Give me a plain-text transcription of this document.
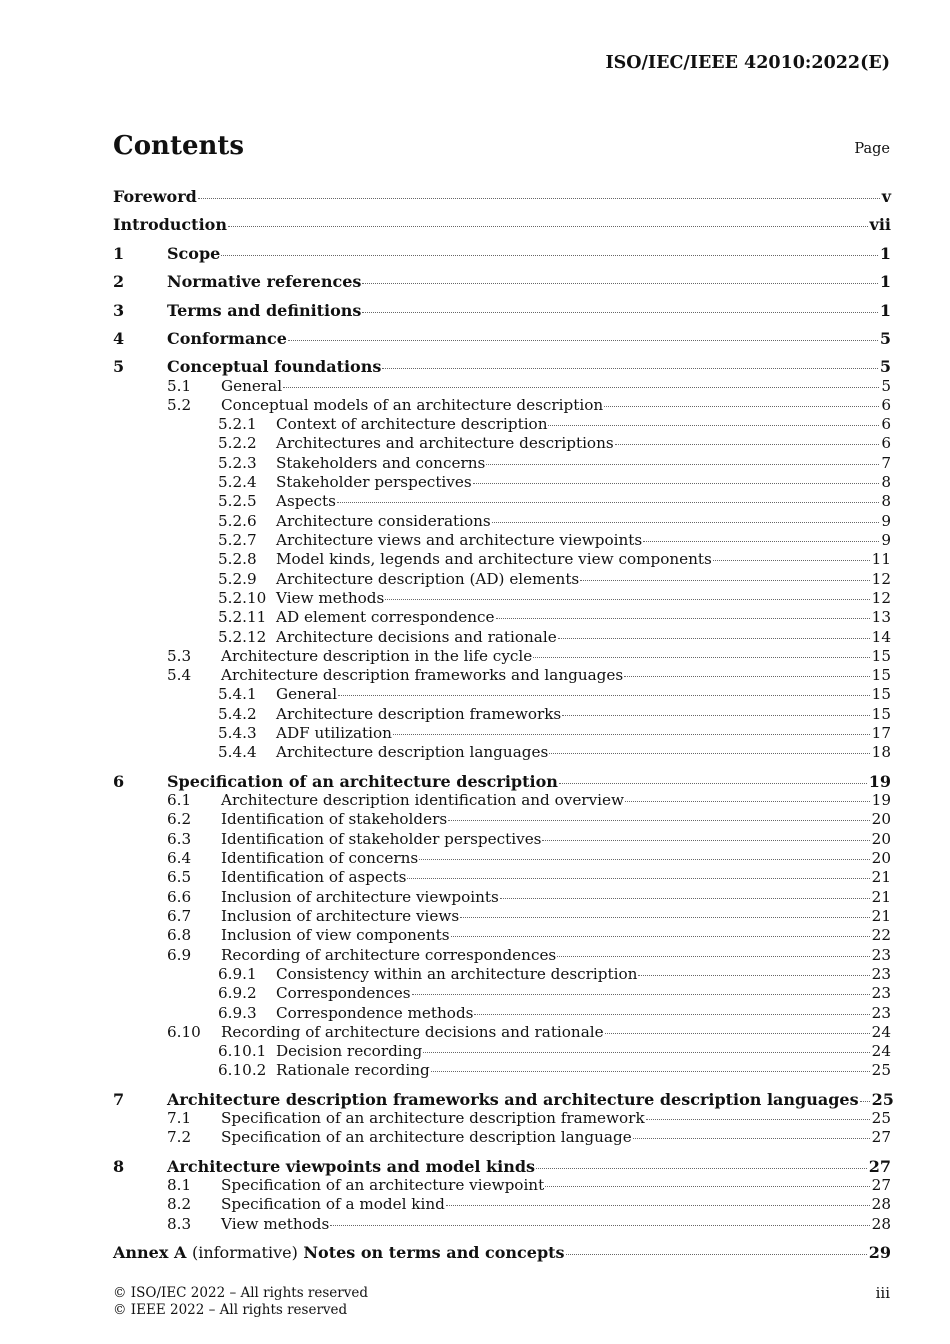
ISO/IEC/IEEE 42010:2022(E)
Contents	Page
Foreword	v
Introduction	vii
1	Scope	1
2	Normative references	1
3	Terms and definitions	1
4	Conformance	5
5	Conceptual foundations	5
5.1	General	5
5.2	Conceptual models of an architecture description	6
5.2.1	Context of architecture description	6
5.2.2	Architectures and architecture descriptions	6
5.2.3	Stakeholders and concerns	7
5.2.4	Stakeholder perspectives	8
5.2.5	Aspects	8
5.2.6	Architecture considerations	9
5.2.7	Architecture views and architecture viewpoints	9
5.2.8	Model kinds, legends and architecture view components	11
5.2.9	Architecture description (AD) elements	12
5.2.10 View methods	12
5.2.11 AD element correspondence	13
5.2.12 Architecture decisions and rationale	14
5.3	Architecture description in the life cycle	15
5.4	Architecture description frameworks and languages	15
5.4.1	General	15
5.4.2	Architecture description frameworks	15
5.4.3	ADF utilization	17
5.4.4	Architecture description languages	18
6	Specification of an architecture description	19
6.1	Architecture description identification and overview	19
6.2	Identification of stakeholders	20
6.3	Identification of stakeholder perspectives	20
6.4	Identification of concerns	20
6.5	Identification of aspects	21
6.6	Inclusion of architecture viewpoints	21
6.7	Inclusion of architecture views	21
6.8	Inclusion of view components	22
6.9	Recording of architecture correspondences	23
6.9.1	Consistency within an architecture description	23
6.9.2	Correspondences	23
6.9.3	Correspondence methods	23
6.10	Recording of architecture decisions and rationale	24
6.10.1 Decision recording	24
6.10.2 Rationale recording	25
7	Architecture description frameworks and architecture description languages 25
7.1	Specification of an architecture description framework	25
7.2	Specification of an architecture description language	27
8	Architecture viewpoints and model kinds	27
8.1	Specification of an architecture viewpoint	27
8.2	Specification of a model kind	28
8.3	View methods	28
Annex A (informative) Notes on terms and concepts	29
© ISO/IEC 2022 – All rights reserved
© IEEE 2022 – All rights reserved
iii
